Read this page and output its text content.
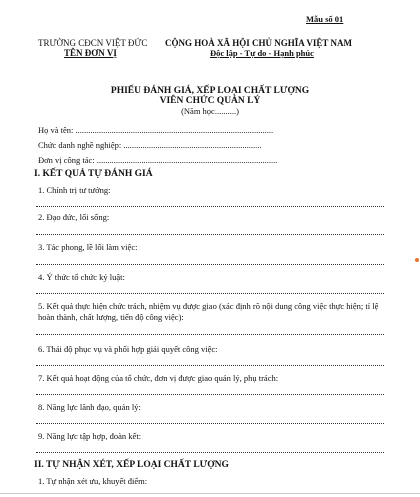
Mẫu số 01
TRƯỜNG CĐCN VIỆT ĐỨC
TÊN ĐƠN VỊ
CỘNG HOÀ XÃ HỘI CHỦ NGHĨA VIỆT NAM
Độc lập - Tự do - Hạnh phúc
PHIẾU ĐÁNH GIÁ, XẾP LOẠI CHẤT LƯỢNG
VIÊN CHỨC QUẢN LÝ
(Năm học..........)
Họ và tên: .............................................................................................
Chức danh nghề nghiệp: .................................................................
Đơn vị công tác: .....................................................................................
I. KẾT QUẢ TỰ ĐÁNH GIÁ
1. Chính trị tư tưởng:
2. Đạo đức, lối sống:
3. Tác phong, lề lối làm việc:
4. Ý thức tổ chức kỷ luật:
5. Kết quả thực hiện chức trách, nhiệm vụ được giao (xác định rõ nội dung công việc thực hiện; tỉ lệ hoàn thành, chất lượng, tiến độ công việc):
6. Thái độ phục vụ và phối hợp giải quyết công việc:
7. Kết quả hoạt động của tổ chức, đơn vị được giao quản lý, phụ trách:
8. Năng lực lãnh đạo, quản lý:
9. Năng lực tập hợp, đoàn kết:
II. TỰ NHẬN XÉT, XẾP LOẠI CHẤT LƯỢNG
1. Tự nhận xét ưu, khuyết điểm:
